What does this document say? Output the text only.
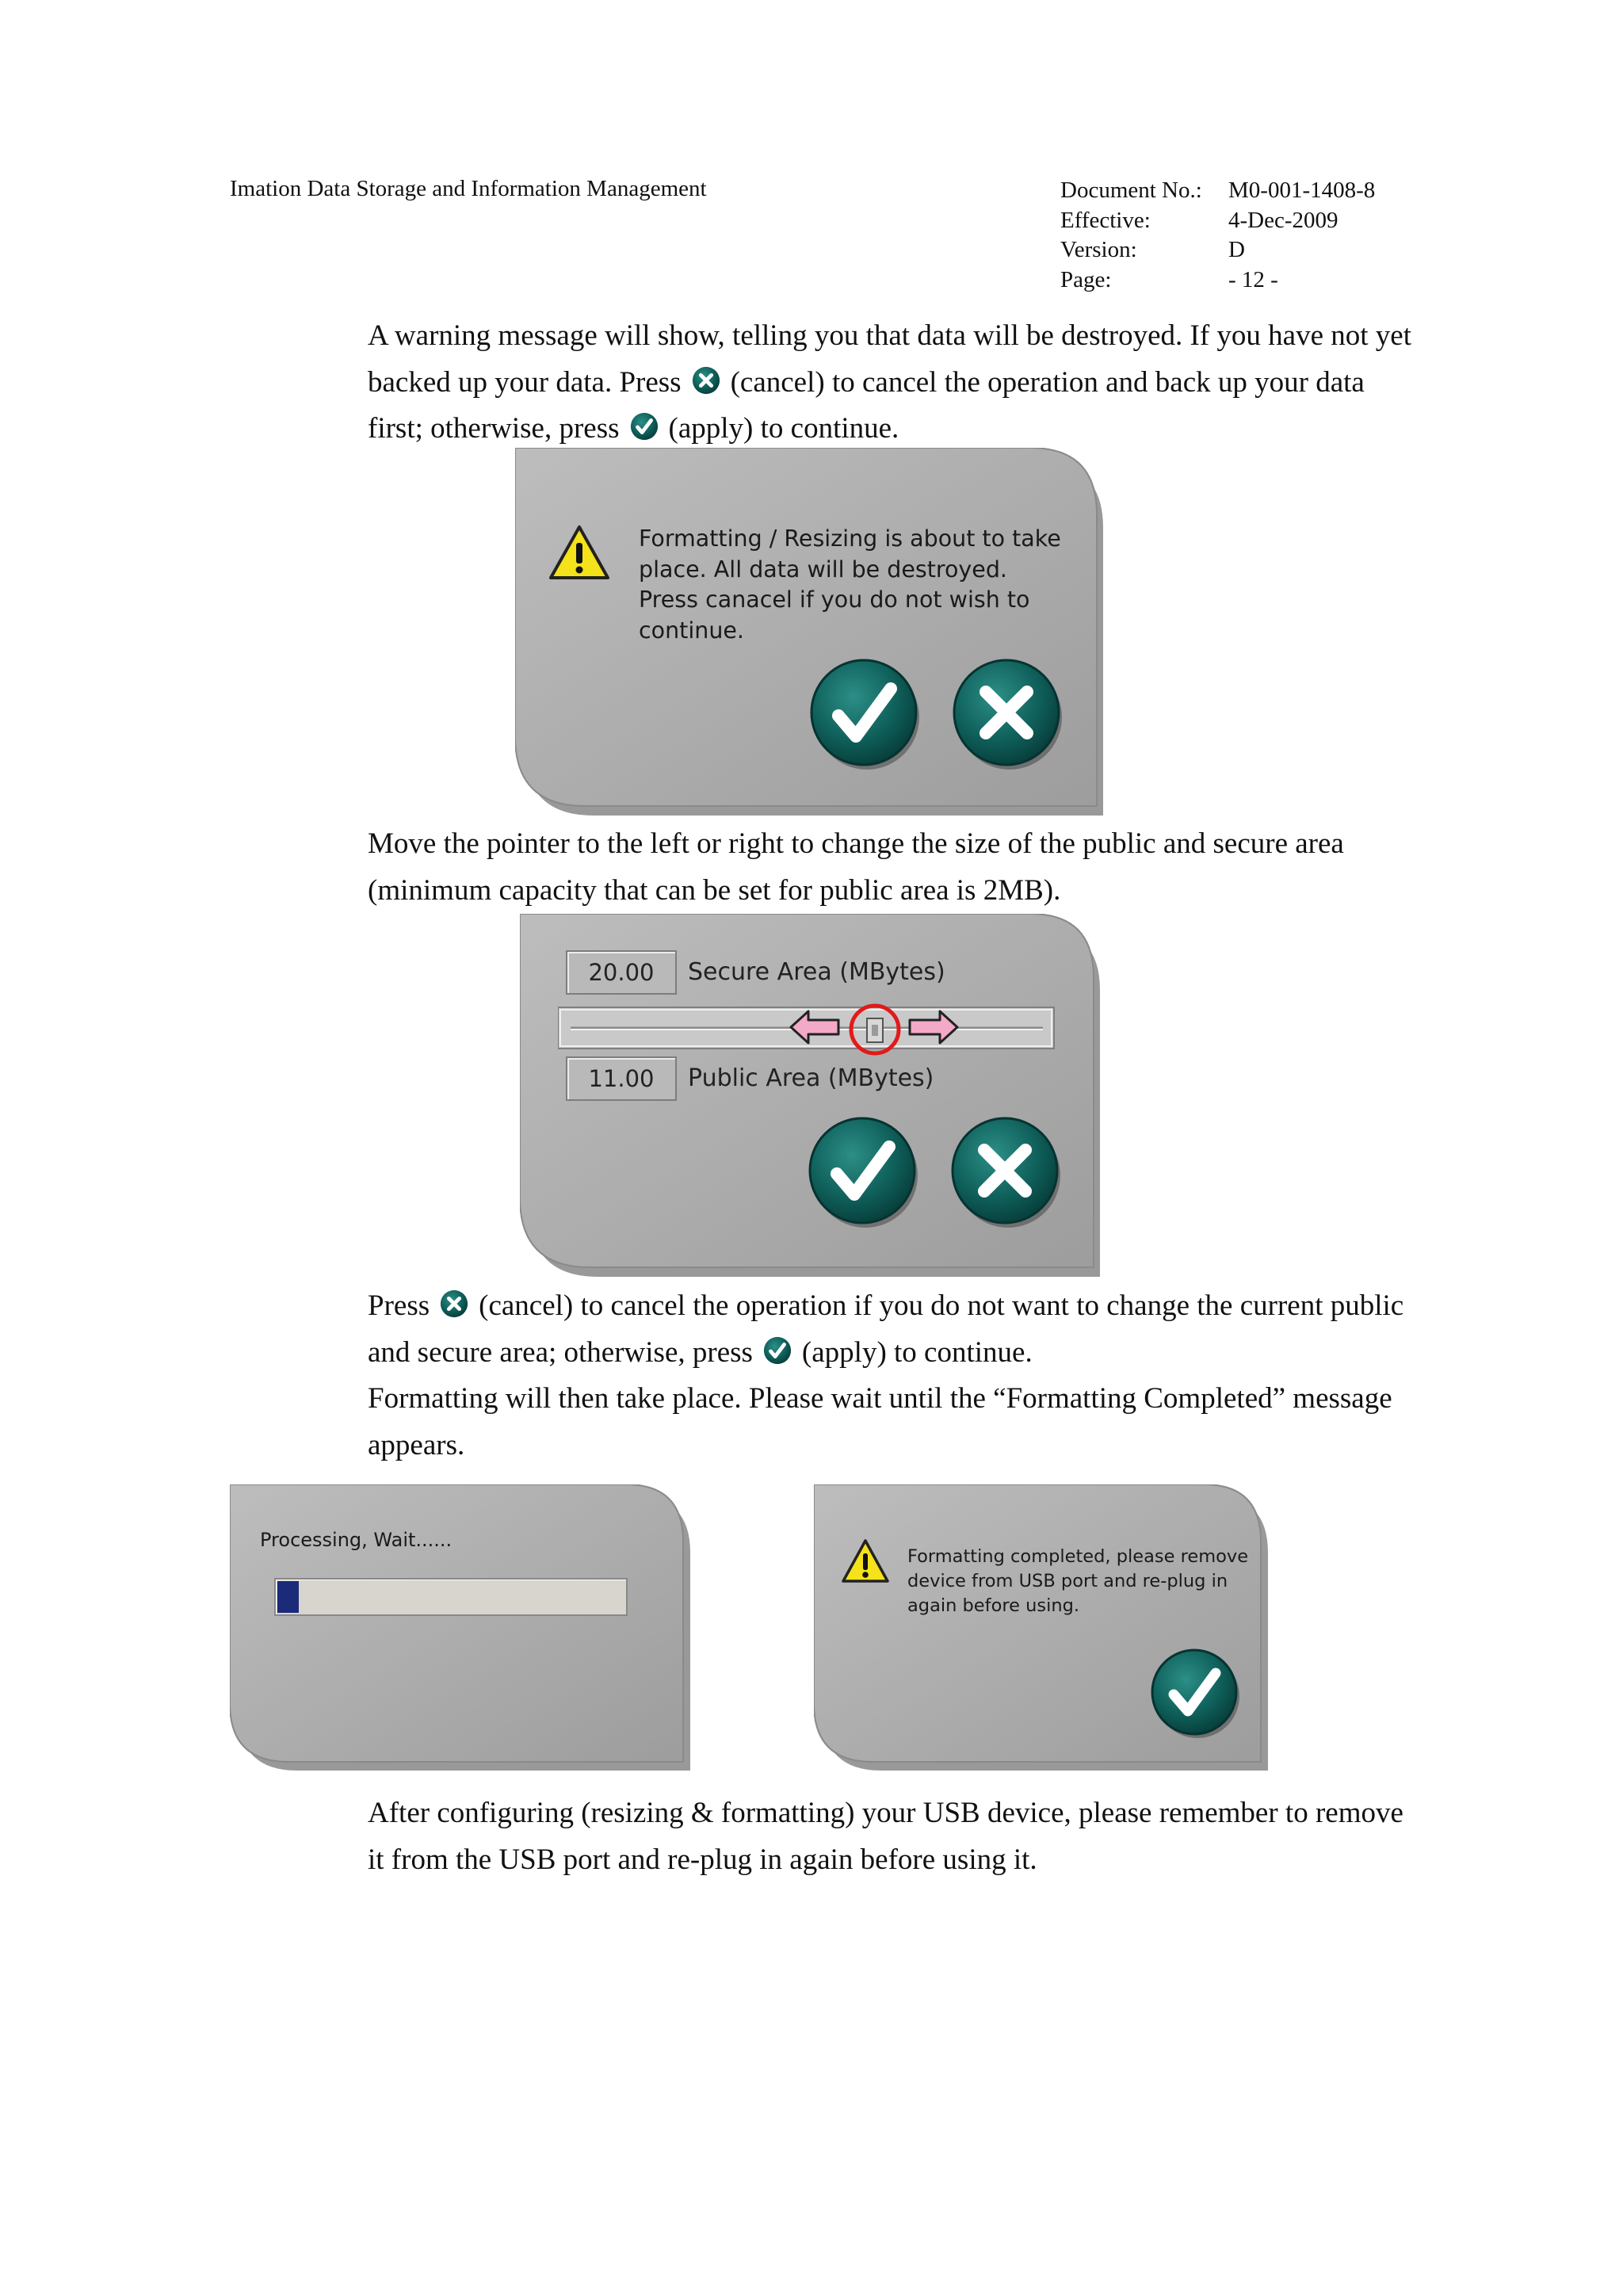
Imation Data Storage and Information Management	Document No.:	M0-001-1408-8
Effective:	4-Dec-2009
Version:	D
Page:	- 12 -
A warning message will show, telling you that data will be destroyed. If you have not yet backed up your data. Press (cancel) to cancel the operation and back up your data first; otherwise, press (apply) to continue.
Formatting / Resizing is about to take
place. All data will be destroyed.
Press canacel if you do not wish to
continue.
Move the pointer to the left or right to change the size of the public and secure area (minimum capacity that can be set for public area is 2MB).
20.00	Secure Area (MBytes)
11.00	Public Area (MBytes)
Press (cancel) to cancel the operation if you do not want to change the current public and secure area; otherwise, press (apply) to continue.
Formatting will then take place. Please wait until the “Formatting Completed” message appears.
Processing, Wait......
Formatting completed, please remove
device from USB port and re-plug in
again before using.
After configuring (resizing & formatting) your USB device, please remember to remove it from the USB port and re-plug in again before using it.
